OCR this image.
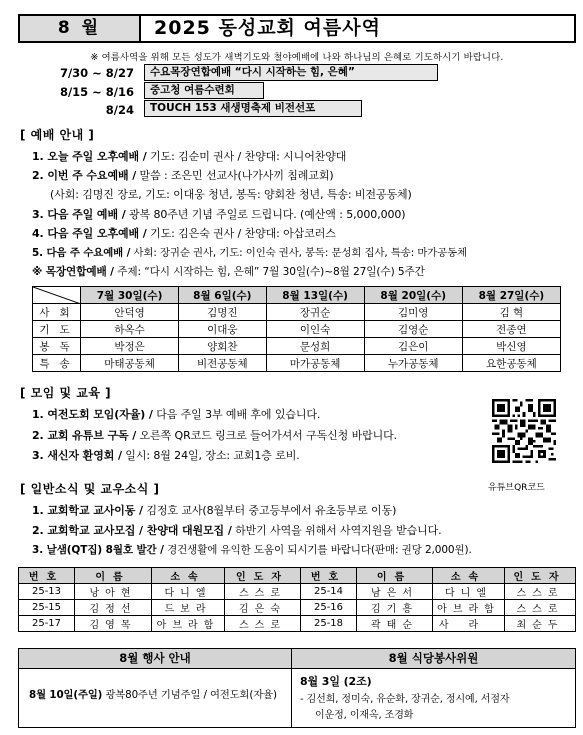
8 월	2025 동성교회 여름사역
※ 여름사역을 위해 모든 성도가 새벽기도와 철야예배에 나와 하나님의 은혜로 기도하시기 바랍니다.
7/30 ~ 8/27	수요목장연합예배 “다시 시작하는 힘, 은혜”
8/15 ~ 8/16	중고청 여름수련회
8/24	TOUCH 153 새생명축제 비전선포
[ 예배 안내 ]
1. 오늘 주일 오후예배 / 기도: 김순미 권사 / 찬양대: 시니어찬양대
2. 이번 주 수요예배 / 말씀 : 조은민 선교사(나가사끼 침례교회)
(사회: 김명진 장로, 기도: 이대웅 청년, 봉독: 양회찬 청년, 특송: 비전공동체)
3. 다음 주일 예배 / 광복 80주년 기념 주일로 드립니다. (예산액 : 5,000,000)
4. 다음 주일 오후예배 / 기도: 김은숙 권사 / 찬양대: 아삽코러스
5. 다음 주 수요예배 / 사회: 장귀순 권사, 기도: 이인숙 권사, 봉독: 문성희 집사, 특송: 마가공동체
※ 목장연합예배 / 주제: “다시 시작하는 힘, 은혜” 7월 30일(수)~8월 27일(수) 5주간
	7월 30일(수)	8월 6일(수)	8월 13일(수)	8월 20일(수)	8월 27일(수)
사회	안덕영	김명진	장귀순	김미영	김 혁
기도	하옥수	이대웅	이인숙	김영순	전종연
봉독	박정은	양회찬	문성희	김은이	박신영
특송	마태공동체	비전공동체	마가공동체	누가공동체	요한공동체
[ 모임 및 교육 ]
1. 여전도회 모임(자율) / 다음 주일 3부 예배 후에 있습니다.
2. 교회 유튜브 구독 / 오른쪽 QR코드 링크로 들어가셔서 구독신청 바랍니다.
3. 새신자 환영회 / 일시: 8월 24일, 장소: 교회1층 로비.
유튜브QR코드
[ 일반소식 및 교우소식 ]
1. 교회학교 교사이동 / 김정호 교사(8월부터 중고등부에서 유초등부로 이동)
2. 교회학교 교사모집 / 찬양대 대원모집 / 하반기 사역을 위해서 사역지원을 받습니다.
3. 날샘(QT집) 8월호 발간 / 경건생활에 유익한 도움이 되시기를 바랍니다(판매: 권당 2,000원).
번호	이름	소속	인도자	번호	이름	소속	인도자
25-13	낭아현	다니엘	스스로	25-14	남은서	다니엘	스스로
25-15	김정선	드보라	김은숙	25-16	김기흥	아브라함	스스로
25-17	김영목	아브라함	스스로	25-18	곽태순	사라	최순두
8월 행사 안내
8월 10일(주일) 광복80주년 기념주일 / 여전도회(자율)
8월 식당봉사위원
8월 3일 (2조)
- 김선희, 정미숙, 유순화, 장귀순, 정시예, 서점자
이운정, 이재옥, 조경화
